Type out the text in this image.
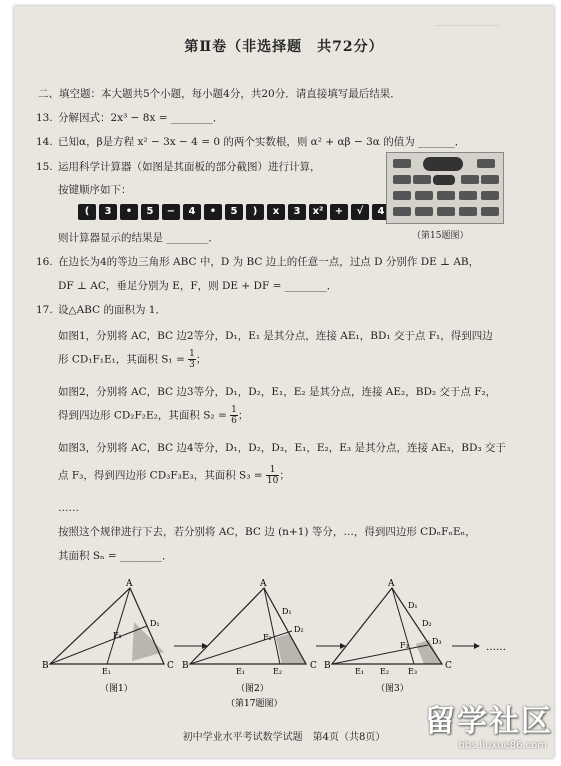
＿＿＿＿＿＿
第Ⅱ卷（非选择题　共72分）
二、填空题：本大题共5个小题，每小题4分，共20分．请直接填写最后结果．
13. 分解因式：2x³ − 8x = ________．
14. 已知α，β是方程 x² − 3x − 4 = 0 的两个实数根，则 α² + αβ − 3α 的值为 _______．
15. 运用科学计算器（如图是其面板的部分截图）进行计算，
按键顺序如下：
(	3	•	5	−	4	•	5	)	x	3	x²	+	√	4
则计算器显示的结果是 ________．	（第15题图）
16. 在边长为4的等边三角形 ABC 中，D 为 BC 边上的任意一点，过点 D 分别作 DE ⊥ AB，
DF ⊥ AC，垂足分别为 E，F，则 DE + DF = ________．
17. 设△ABC 的面积为 1．
如图1，分别将 AC，BC 边2等分，D₁，E₁ 是其分点，连接 AE₁，BD₁ 交于点 F₁，得到四边
形 CD₁F₁E₁，其面积 $S_1 = \frac{1}{3}$ ；
如图2，分别将 AC，BC 边3等分，D₁，D₂，E₁，E₂ 是其分点，连接 AE₂，BD₂ 交于点 F₂，
得到四边形 CD₂F₂E₂，其面积 $S_2 = \frac{1}{6}$ ；
如图3，分别将 AC，BC 边4等分，D₁，D₂，D₃，E₁，E₂，E₃ 是其分点，连接 AE₃，BD₃ 交于
点 F₃，得到四边形 CD₃F₃E₃，其面积 $S_3 = \frac{1}{10}$ ；
……
按照这个规律进行下去，若分别将 AC，BC 边 (n+1) 等分，…，得到四边形 CDₙFₙEₙ，
其面积 Sₙ = ________．
A
B	C
D₁
E₁
F₁
A
B	C
D₁
D₂
E₁	E₂
F₂
A
B	C
D₁
D₂
D₃
E₁ E₂ E₃
F₃	……
（图1）	（图2）	（图3）
（第17题图）
初中学业水平考试数学试题　第4页（共8页）	留学社区
bbs.liuxue86.com
